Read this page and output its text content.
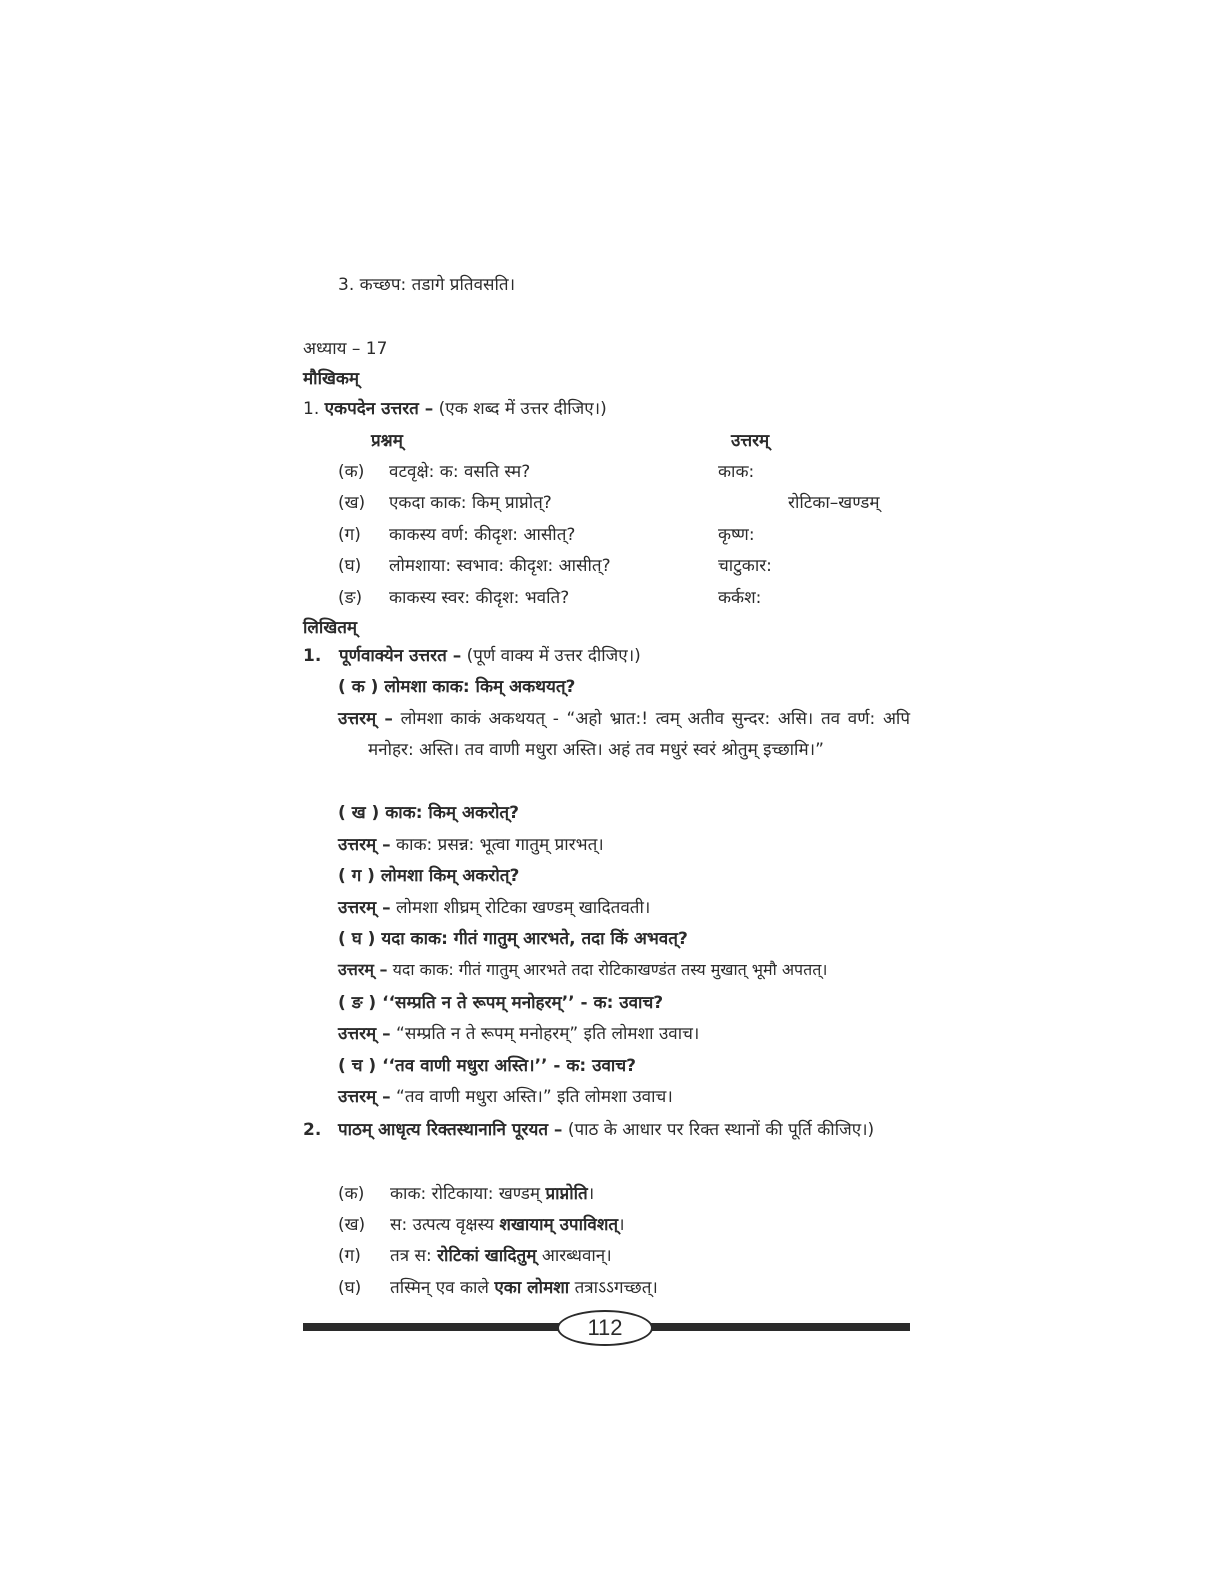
3. कच्छप: तडागे प्रतिवसति।
अध्याय – 17
मौखिकम्
1. एकपदेन उत्तरत – (एक शब्द में उत्तर दीजिए।)
प्रश्नम्	उत्तरम्
(क) वटवृक्षे: क: वसति स्म?	काक:
(ख) एकदा काक: किम् प्राप्नोत्?	रोटिका–खण्डम्
(ग) काकस्य वर्ण: कीदृश: आसीत्?	कृष्ण:
(घ) लोमशाया: स्वभाव: कीदृश: आसीत्?	चाटुकार:
(ङ) काकस्य स्वर: कीदृश: भवति?	कर्कश:
लिखितम्
1. पूर्णवाक्येन उत्तरत – (पूर्ण वाक्य में उत्तर दीजिए।)
( क ) लोमशा काक: किम् अकथयत्?
उत्तरम् – लोमशा काकं अकथयत् - “अहो भ्रात:! त्वम् अतीव सुन्दर: असि। तव वर्ण: अपि मनोहर: अस्ति। तव वाणी मधुरा अस्ति। अहं तव मधुरं स्वरं श्रोतुम् इच्छामि।”
( ख ) काक: किम् अकरोत्?
उत्तरम् – काक: प्रसन्न: भूत्वा गातुम् प्रारभत्।
( ग ) लोमशा किम् अकरोत्?
उत्तरम् – लोमशा शीघ्रम् रोटिका खण्डम् खादितवती।
( घ ) यदा काक: गीतं गातुम् आरभते, तदा किं अभवत्?
उत्तरम् – यदा काक: गीतं गातुम् आरभते तदा रोटिकाखण्डंत तस्य मुखात् भूमौ अपतत्।
( ङ ) ‘‘सम्प्रति न ते रूपम् मनोहरम्’’ - क: उवाच?
उत्तरम् – “सम्प्रति न ते रूपम् मनोहरम्” इति लोमशा उवाच।
( च ) ‘‘तव वाणी मधुरा अस्ति।’’ - क: उवाच?
उत्तरम् – “तव वाणी मधुरा अस्ति।” इति लोमशा उवाच।
2. पाठम् आधृत्य रिक्तस्थानानि पूरयत – (पाठ के आधार पर रिक्त स्थानों की पूर्ति कीजिए।)
(क) काक: रोटिकाया: खण्डम् प्राप्नोति।
(ख) स: उत्पत्य वृक्षस्य शखायाम् उपाविशत्।
(ग) तत्र स: रोटिकां खादितुम् आरब्धवान्।
(घ) तस्मिन् एव काले एका लोमशा तत्राऽऽगच्छत्।
112
